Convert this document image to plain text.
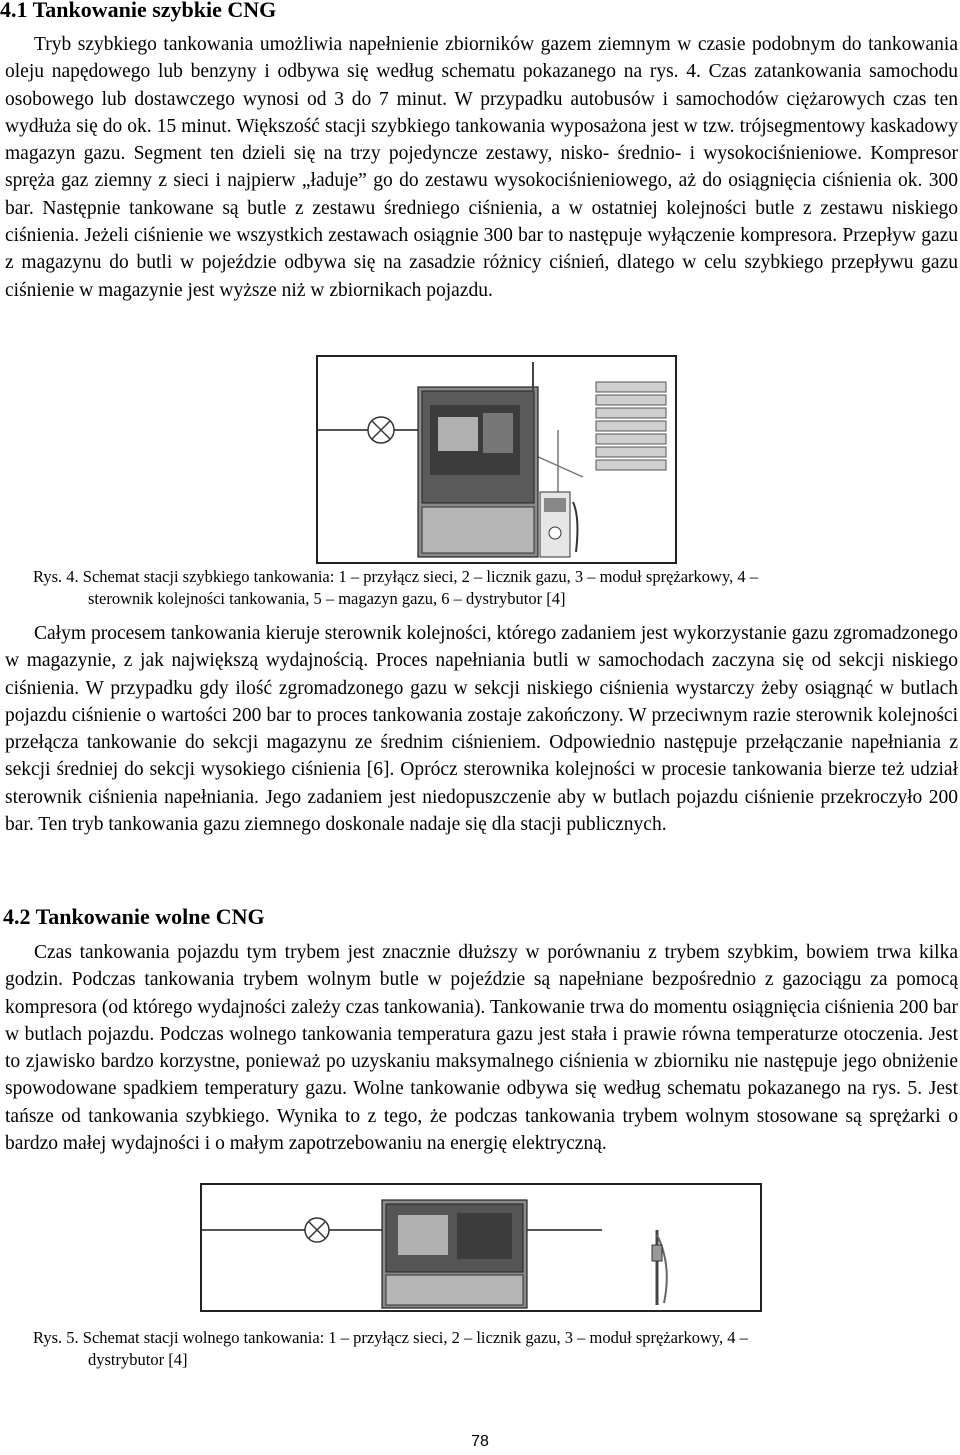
4.1 Tankowanie szybkie CNG

Tryb szybkiego tankowania umożliwia napełnienie zbiorników gazem ziemnym w czasie podobnym do tankowania oleju napędowego lub benzyny i odbywa się według schematu pokazanego na rys. 4. Czas zatankowania samochodu osobowego lub dostawczego wynosi od 3 do 7 minut. W przypadku autobusów i samochodów ciężarowych czas ten wydłuża się do ok. 15 minut. Większość stacji szybkiego tankowania wyposażona jest w tzw. trójsegmentowy kaskadowy magazyn gazu. Segment ten dzieli się na trzy pojedyncze zestawy, nisko- średnio- i wysokociśnieniowe. Kompresor spręża gaz ziemny z sieci i najpierw „ładuje” go do zestawu wysokociśnieniowego, aż do osiągnięcia ciśnienia ok. 300 bar. Następnie tankowane są butle z zestawu średniego ciśnienia, a w ostatniej kolejności butle z zestawu niskiego ciśnienia. Jeżeli ciśnienie we wszystkich zestawach osiągnie 300 bar to następuje wyłączenie kompresora. Przepływ gazu z magazynu do butli w pojeździe odbywa się na zasadzie różnicy ciśnień, dlatego w celu szybkiego przepływu gazu ciśnienie w magazynie jest wyższe niż w zbiornikach pojazdu.

Rys. 4. Schemat stacji szybkiego tankowania: 1 – przyłącz sieci, 2 – licznik gazu, 3 – moduł sprężarkowy, 4 –
sterownik kolejności tankowania, 5 – magazyn gazu, 6 – dystrybutor [4]

Całym procesem tankowania kieruje sterownik kolejności, którego zadaniem jest wykorzystanie gazu zgromadzonego w magazynie, z jak największą wydajnością. Proces napełniania butli w samochodach zaczyna się od sekcji niskiego ciśnienia. W przypadku gdy ilość zgromadzonego gazu w sekcji niskiego ciśnienia wystarczy żeby osiągnąć w butlach pojazdu ciśnienie o wartości 200 bar to proces tankowania zostaje zakończony. W przeciwnym razie sterownik kolejności przełącza tankowanie do sekcji magazynu ze średnim ciśnieniem. Odpowiednio następuje przełączanie napełniania z sekcji średniej do sekcji wysokiego ciśnienia [6]. Oprócz sterownika kolejności w procesie tankowania bierze też udział sterownik ciśnienia napełniania. Jego zadaniem jest niedopuszczenie aby w butlach pojazdu ciśnienie przekroczyło 200 bar. Ten tryb tankowania gazu ziemnego doskonale nadaje się dla stacji publicznych.

4.2 Tankowanie wolne CNG

Czas tankowania pojazdu tym trybem jest znacznie dłuższy w porównaniu z trybem szybkim, bowiem trwa kilka godzin. Podczas tankowania trybem wolnym butle w pojeździe są napełniane bezpośrednio z gazociągu za pomocą kompresora (od którego wydajności zależy czas tankowania). Tankowanie trwa do momentu osiągnięcia ciśnienia 200 bar w butlach pojazdu. Podczas wolnego tankowania temperatura gazu jest stała i prawie równa temperaturze otoczenia. Jest to zjawisko bardzo korzystne, ponieważ po uzyskaniu maksymalnego ciśnienia w zbiorniku nie następuje jego obniżenie spowodowane spadkiem temperatury gazu. Wolne tankowanie odbywa się według schematu pokazanego na rys. 5. Jest tańsze od tankowania szybkiego. Wynika to z tego, że podczas tankowania trybem wolnym stosowane są sprężarki o bardzo małej wydajności i o małym zapotrzebowaniu na energię elektryczną.

Rys. 5. Schemat stacji wolnego tankowania: 1 – przyłącz sieci, 2 – licznik gazu, 3 – moduł sprężarkowy, 4 –
dystrybutor [4]

78
